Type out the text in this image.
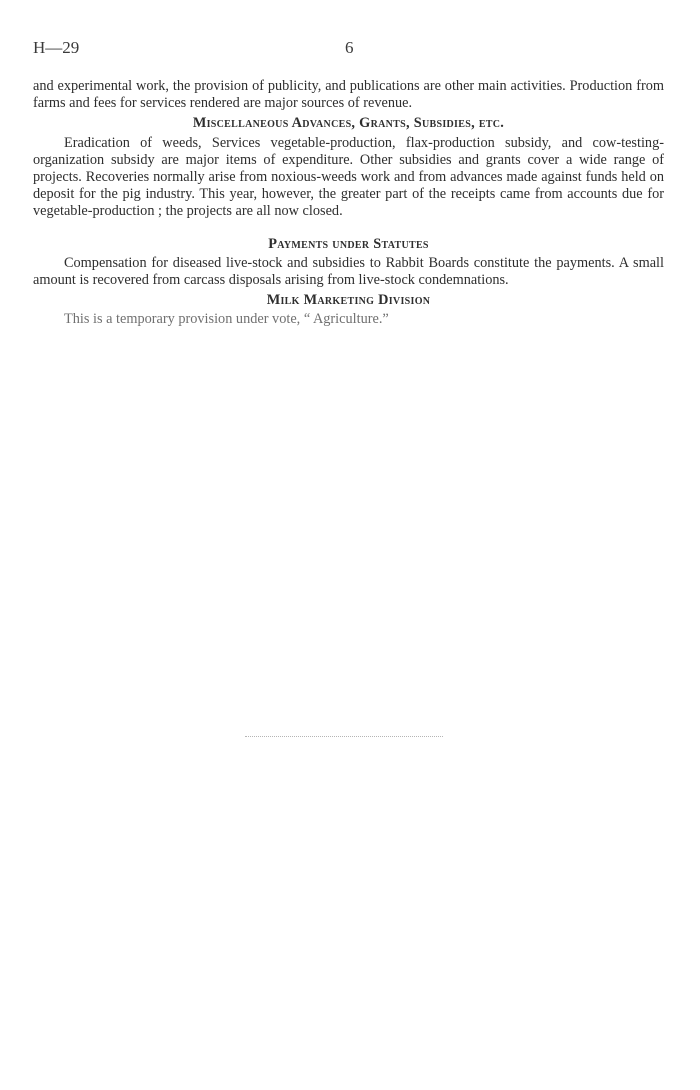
H—29	6

and experimental work, the provision of publicity, and publications are other main activities. Production from farms and fees for services rendered are major sources of revenue.

Miscellaneous Advances, Grants, Subsidies, etc.

Eradication of weeds, Services vegetable-production, flax-production subsidy, and cow-testing-organization subsidy are major items of expenditure. Other subsidies and grants cover a wide range of projects. Recoveries normally arise from noxious-weeds work and from advances made against funds held on deposit for the pig industry. This year, however, the greater part of the receipts came from accounts due for vegetable-production ; the projects are all now closed.

Payments under Statutes

Compensation for diseased live-stock and subsidies to Rabbit Boards constitute the payments. A small amount is recovered from carcass disposals arising from live-stock condemnations.

Milk Marketing Division

This is a temporary provision under vote, “ Agriculture.”
